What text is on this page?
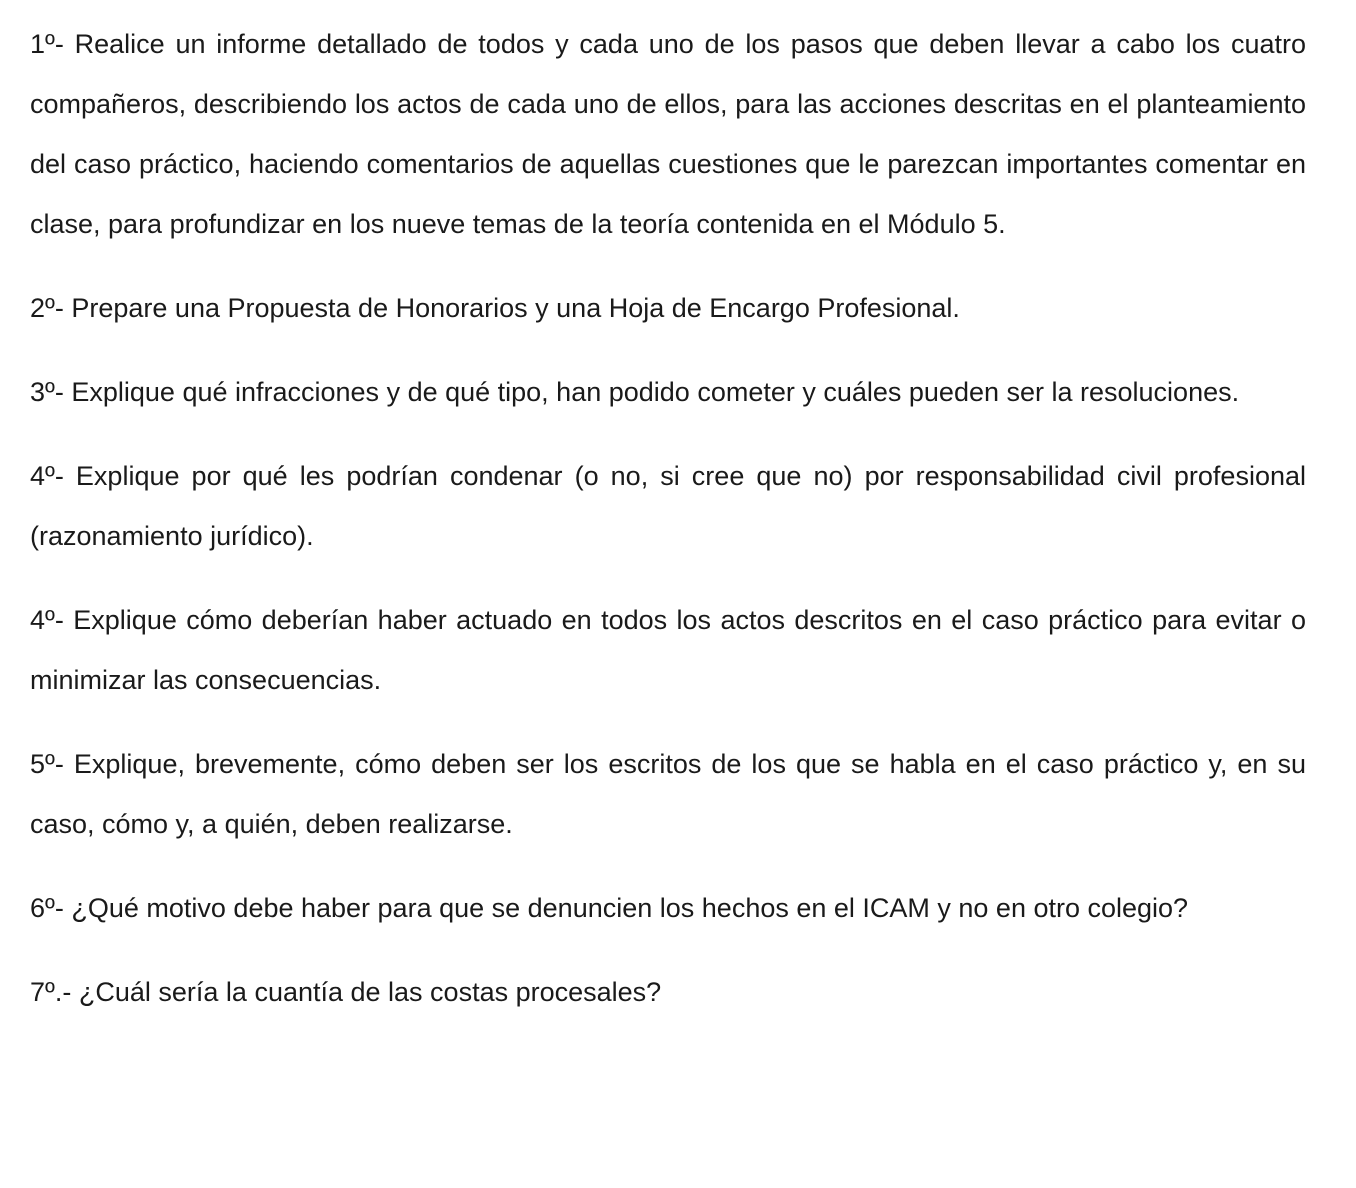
1º- Realice un informe detallado de todos y cada uno de los pasos que deben llevar a cabo los cuatro compañeros, describiendo los actos de cada uno de ellos, para las acciones descritas en el planteamiento del caso práctico, haciendo comentarios de aquellas cuestiones que le parezcan importantes comentar en clase, para profundizar en los nueve temas de la teoría contenida en el Módulo 5.

2º- Prepare una Propuesta de Honorarios y una Hoja de Encargo Profesional.

3º- Explique qué infracciones y de qué tipo, han podido cometer y cuáles pueden ser la resoluciones.

4º- Explique por qué les podrían condenar (o no, si cree que no) por responsabilidad civil profesional (razonamiento jurídico).

4º- Explique cómo deberían haber actuado en todos los actos descritos en el caso práctico para evitar o minimizar las consecuencias.

5º- Explique, brevemente, cómo deben ser los escritos de los que se habla en el caso práctico y, en su caso, cómo y, a quién, deben realizarse.

6º- ¿Qué motivo debe haber para que se denuncien los hechos en el ICAM y no en otro colegio?

7º.- ¿Cuál sería la cuantía de las costas procesales?
